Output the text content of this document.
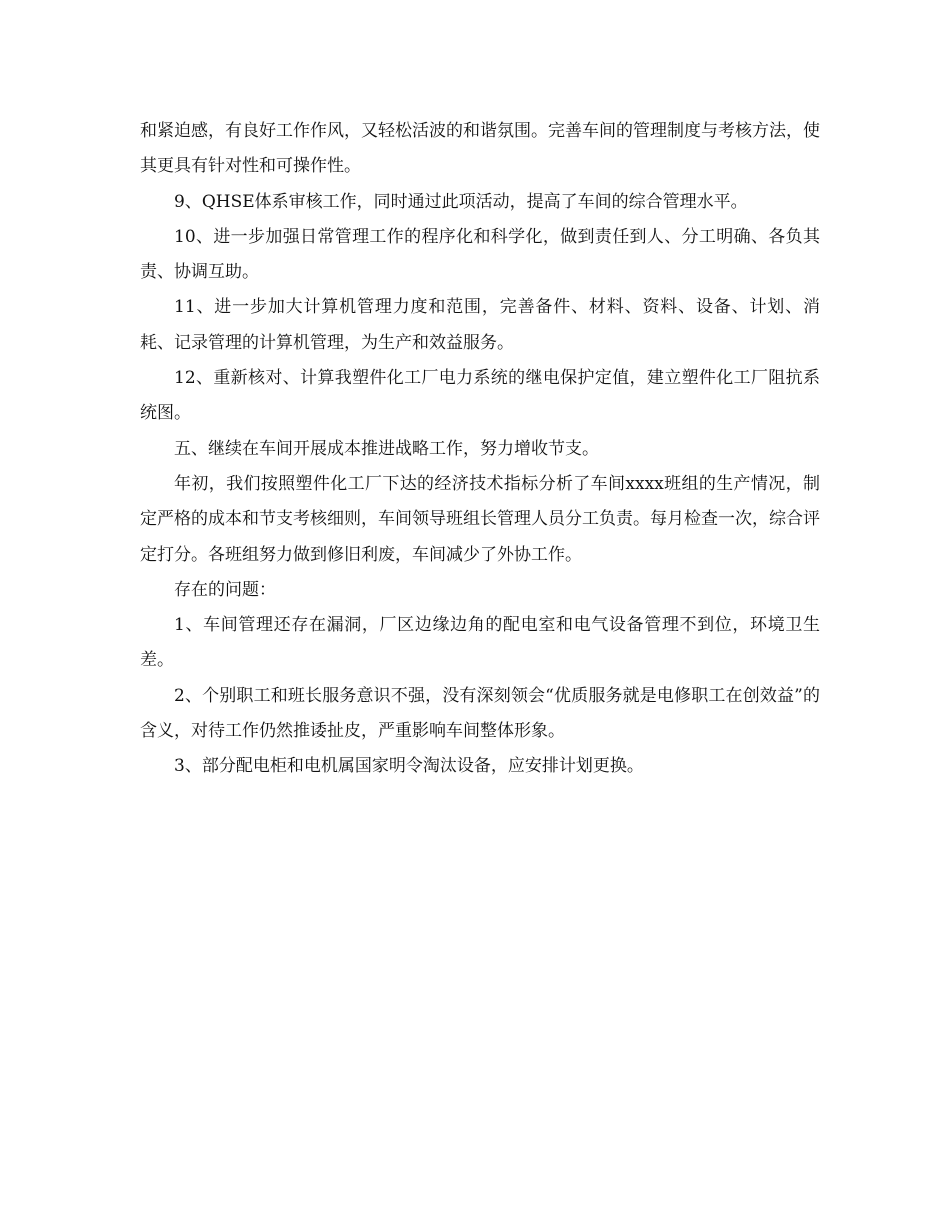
和紧迫感，有良好工作作风，又轻松活波的和谐氛围。完善车间的管理制度与考核方法，使其更具有针对性和可操作性。

9、QHSE体系审核工作，同时通过此项活动，提高了车间的综合管理水平。

10、进一步加强日常管理工作的程序化和科学化，做到责任到人、分工明确、各负其责、协调互助。

11、进一步加大计算机管理力度和范围，完善备件、材料、资料、设备、计划、消耗、记录管理的计算机管理，为生产和效益服务。

12、重新核对、计算我塑件化工厂电力系统的继电保护定值，建立塑件化工厂阻抗系统图。

五、继续在车间开展成本推进战略工作，努力增收节支。

年初，我们按照塑件化工厂下达的经济技术指标分析了车间xxxx班组的生产情况，制定严格的成本和节支考核细则，车间领导班组长管理人员分工负责。每月检查一次，综合评定打分。各班组努力做到修旧利废，车间减少了外协工作。

存在的问题：

1、车间管理还存在漏洞，厂区边缘边角的配电室和电气设备管理不到位，环境卫生差。

2、个别职工和班长服务意识不强，没有深刻领会“优质服务就是电修职工在创效益”的含义，对待工作仍然推诿扯皮，严重影响车间整体形象。

3、部分配电柜和电机属国家明令淘汰设备，应安排计划更换。
